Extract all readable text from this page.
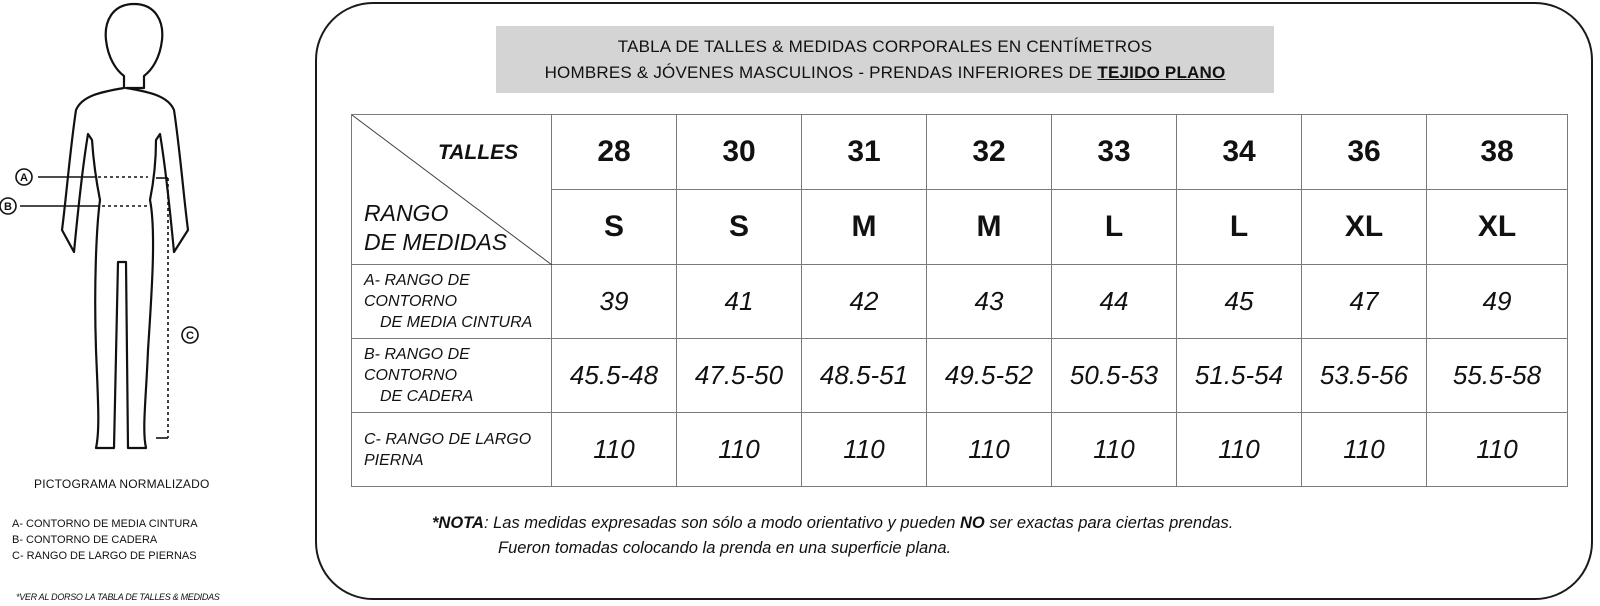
A
B
C
PICTOGRAMA NORMALIZADO
A- CONTORNO DE MEDIA CINTURA
B- CONTORNO DE CADERA
C- RANGO DE LARGO DE PIERNAS
*VER AL DORSO LA TABLA DE TALLES & MEDIDAS
TABLA DE TALLES & MEDIDAS CORPORALES EN CENTÍMETROS
HOMBRES & JÓVENES MASCULINOS - PRENDAS INFERIORES DE TEJIDO PLANO
TALLES
RANGO
DE MEDIDAS	28	30	31	32	33	34	36	38
	S	S	M	M	L	L	XL	XL
A- RANGO DE CONTORNO
DE MEDIA CINTURA	39	41	42	43	44	45	47	49
B- RANGO DE CONTORNO
DE CADERA	45.5-48	47.5-50	48.5-51	49.5-52	50.5-53	51.5-54	53.5-56	55.5-58
C- RANGO DE LARGO
PIERNA	110	110	110	110	110	110	110	110
*NOTA: Las medidas expresadas son sólo a modo orientativo y pueden NO ser exactas para ciertas prendas.
Fueron tomadas colocando la prenda en una superficie plana.
